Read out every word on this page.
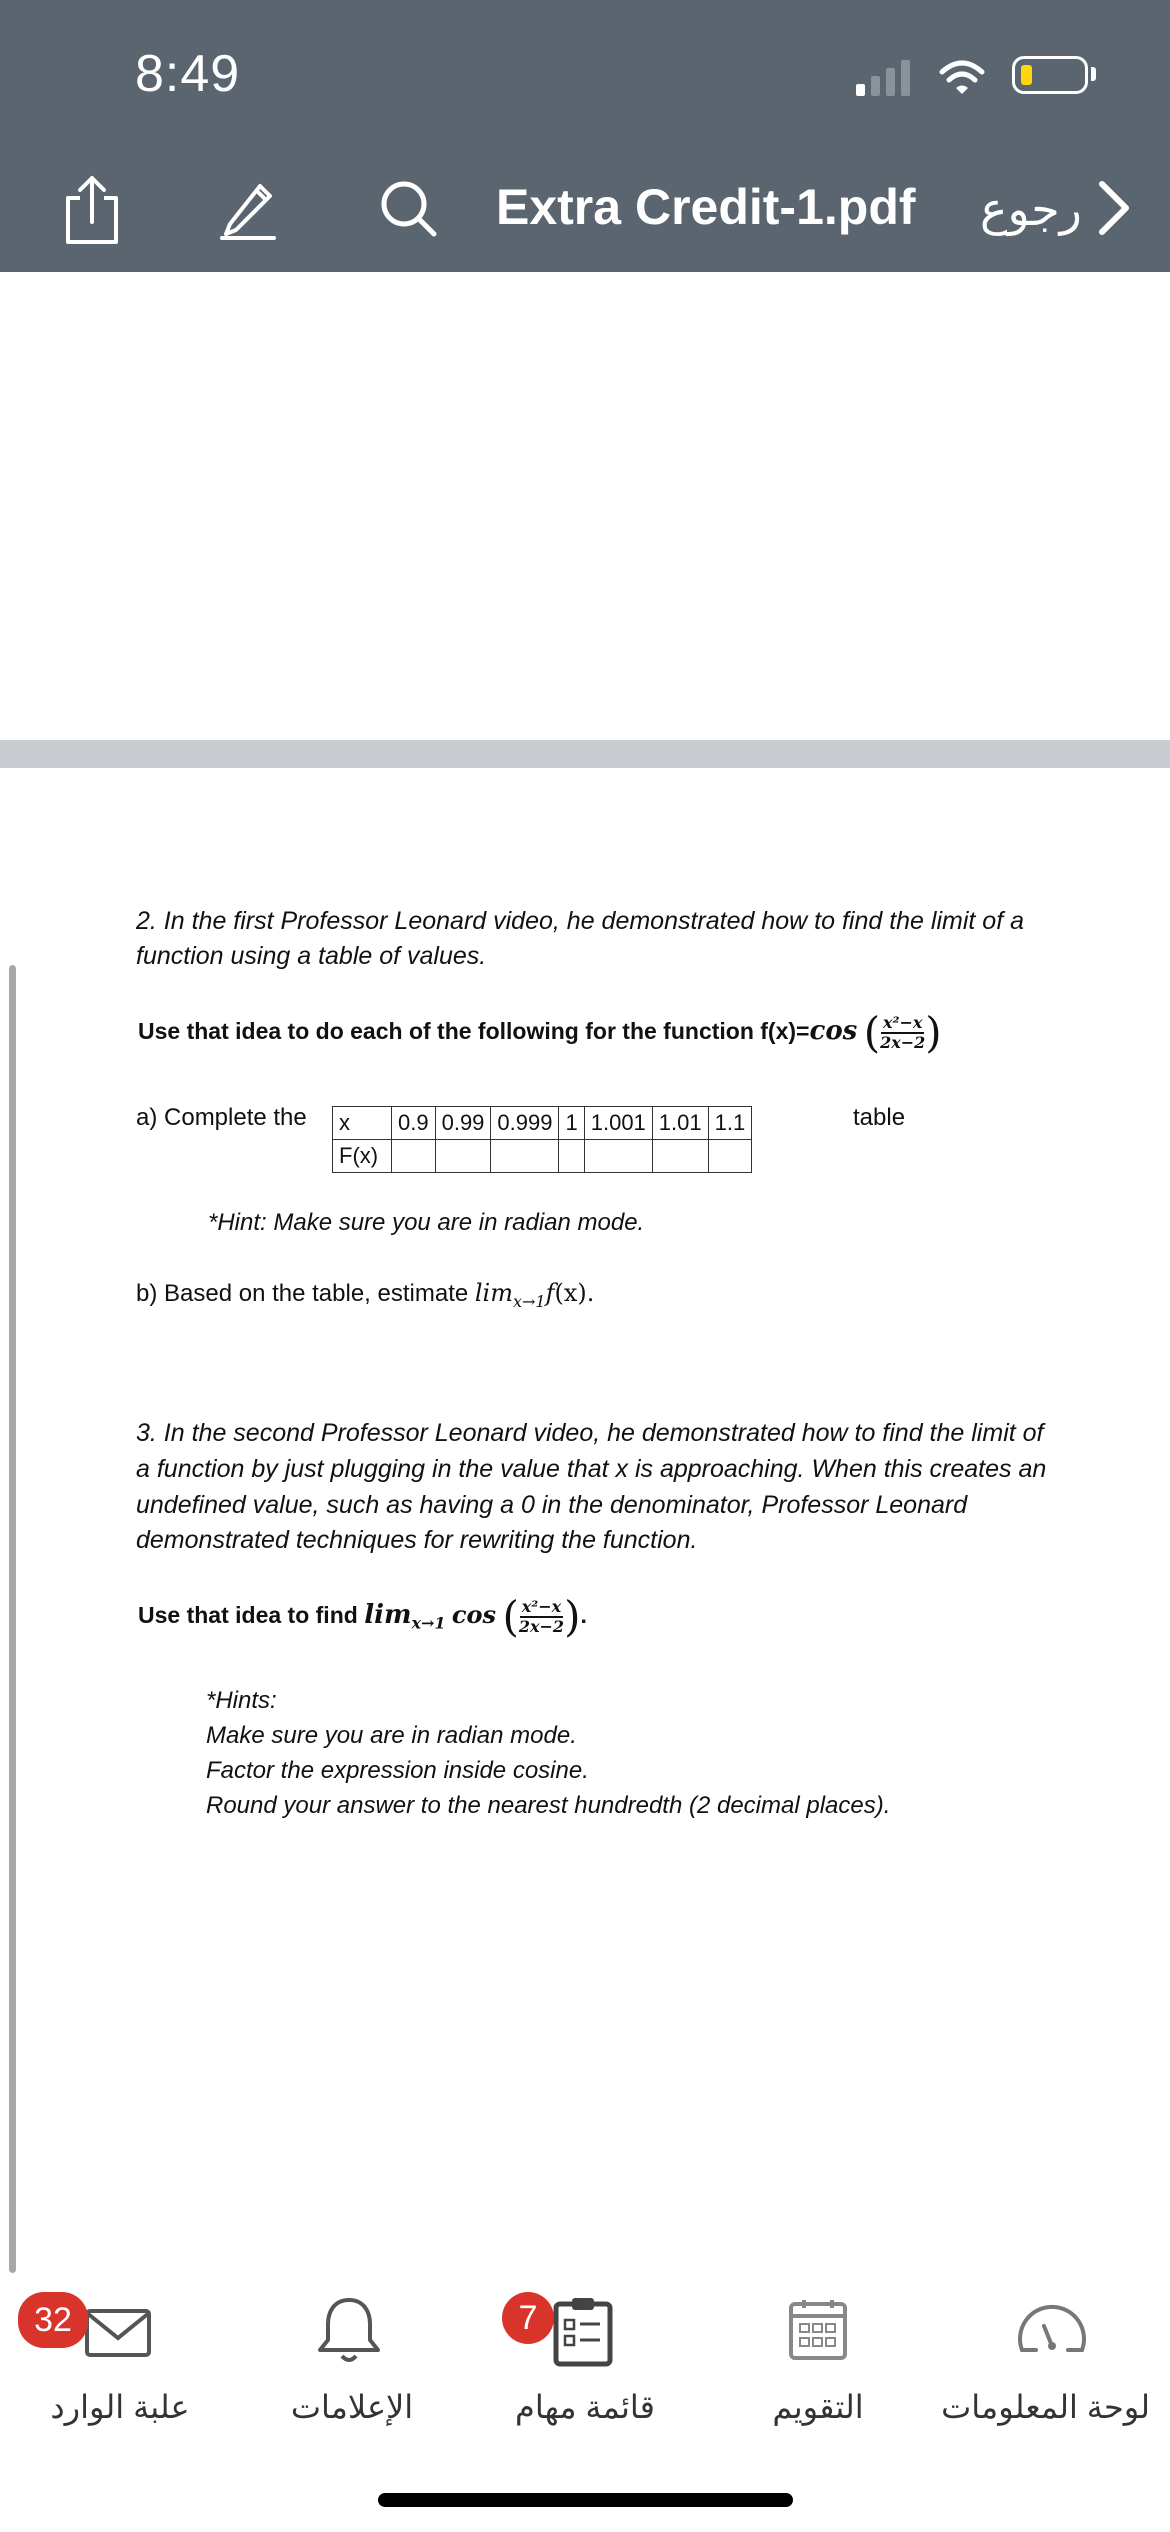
8:49
Extra Credit-1.pdf رجوع
2. In the first Professor Leonard video, he demonstrated how to find the limit of a
function using a table of values.
Use that idea to do each of the following for the function f(x)=cos ( $\frac{\text{x²−x}}{2x-2}$ )
a) Complete the x	0.9	0.99	0.999	1	1.001	1.01	1.1
F(x)							
table
*Hint: Make sure you are in radian mode.
b) Based on the table, estimate $\lim_{x\to 1}f(x)$.
3. In the second Professor Leonard video, he demonstrated how to find the limit of
a function by just plugging in the value that x is approaching. When this creates an
undefined value, such as having a 0 in the denominator, Professor Leonard
demonstrated techniques for rewriting the function.
Use that idea to find $\lim_{x\to 1} \cos$ ( $\frac{\text{x²−x}}{2x-2}$ ).
*Hints:
Make sure you are in radian mode.
Factor the expression inside cosine.
Round your answer to the nearest hundredth (2 decimal places).
32
علبة الوارد	الإعلامات
7
قائمة مهام	التقويم	لوحة المعلومات
